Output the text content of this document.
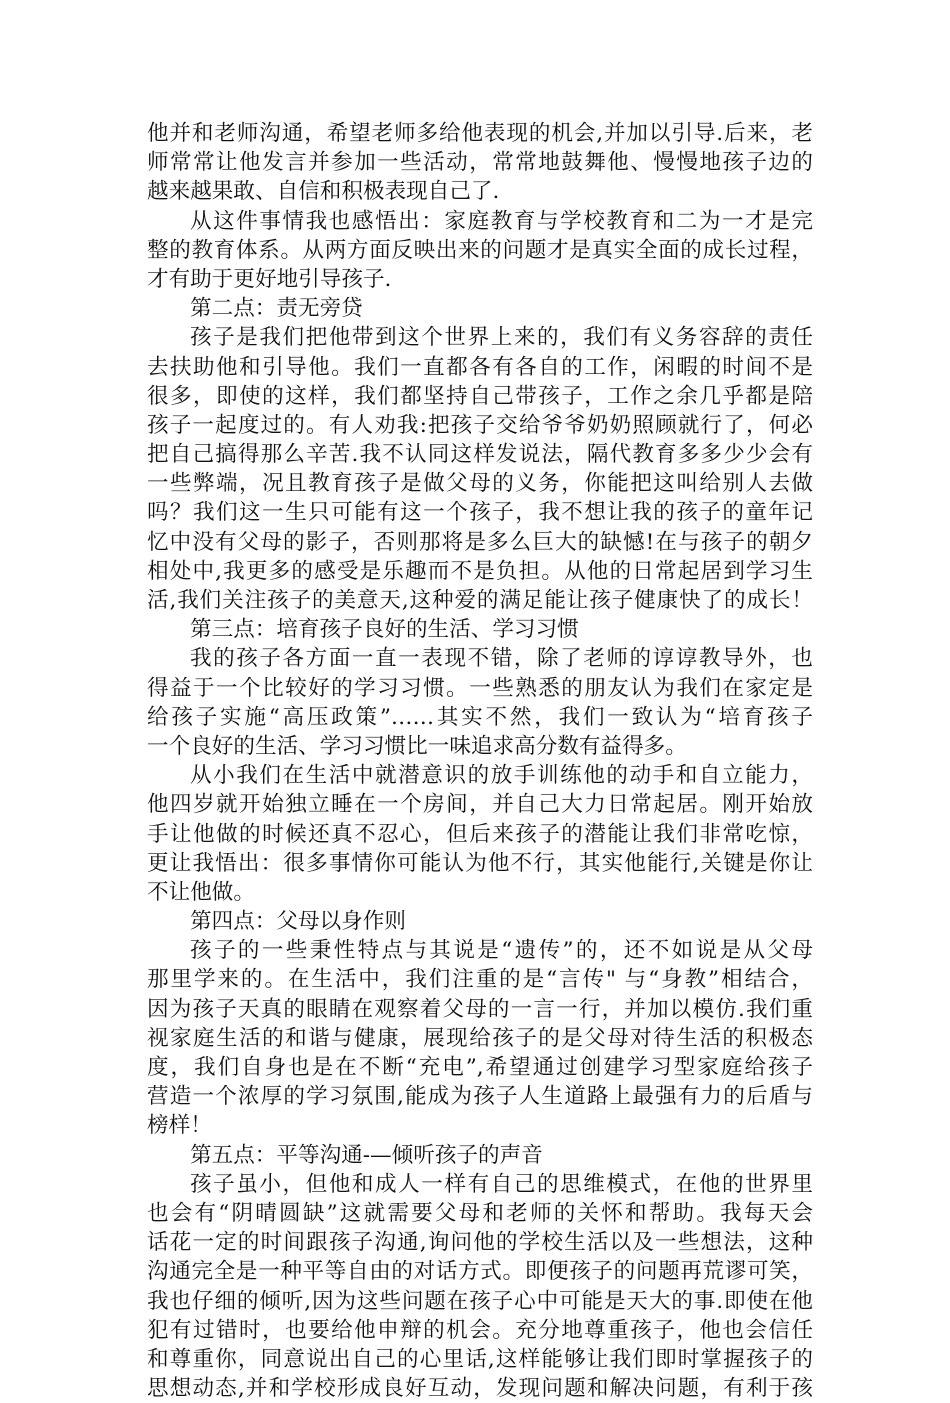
他并和老师沟通，希望老师多给他表现的机会,并加以引导.后来，老
师常常让他发言并参加一些活动，常常地鼓舞他、慢慢地孩子边的
越来越果敢、自信和积极表现自己了.
从这件事情我也感悟出：家庭教育与学校教育和二为一才是完
整的教育体系。从两方面反映出来的问题才是真实全面的成长过程，
才有助于更好地引导孩子.
第二点：责无旁贷
孩子是我们把他带到这个世界上来的，我们有义务容辞的责任
去扶助他和引导他。我们一直都各有各自的工作，闲暇的时间不是
很多，即使的这样，我们都坚持自己带孩子，工作之余几乎都是陪
孩子一起度过的。有人劝我:把孩子交给爷爷奶奶照顾就行了，何必
把自己搞得那么辛苦.我不认同这样发说法，隔代教育多多少少会有
一些弊端，况且教育孩子是做父母的义务，你能把这叫给别人去做
吗？我们这一生只可能有这一个孩子，我不想让我的孩子的童年记
忆中没有父母的影子，否则那将是多么巨大的缺憾!在与孩子的朝夕
相处中,我更多的感受是乐趣而不是负担。从他的日常起居到学习生
活,我们关注孩子的美意天,这种爱的满足能让孩子健康快了的成长！
第三点：培育孩子良好的生活、学习习惯
我的孩子各方面一直一表现不错，除了老师的谆谆教导外，也
得益于一个比较好的学习习惯。一些熟悉的朋友认为我们在家定是
给孩子实施“高压政策”……其实不然，我们一致认为“培育孩子
一个良好的生活、学习习惯比一味追求高分数有益得多。
从小我们在生活中就潜意识的放手训练他的动手和自立能力，
他四岁就开始独立睡在一个房间，并自己大力日常起居。刚开始放
手让他做的时候还真不忍心，但后来孩子的潜能让我们非常吃惊，
更让我悟出：很多事情你可能认为他不行，其实他能行,关键是你让
不让他做。
第四点：父母以身作则
孩子的一些秉性特点与其说是“遗传”的，还不如说是从父母
那里学来的。在生活中，我们注重的是“言传" 与“身教”相结合，
因为孩子天真的眼睛在观察着父母的一言一行，并加以模仿.我们重
视家庭生活的和谐与健康，展现给孩子的是父母对待生活的积极态
度，我们自身也是在不断“充电”,希望通过创建学习型家庭给孩子
营造一个浓厚的学习氛围,能成为孩子人生道路上最强有力的后盾与
榜样！
第五点：平等沟通-—倾听孩子的声音
孩子虽小，但他和成人一样有自己的思维模式，在他的世界里
也会有“阴晴圆缺”这就需要父母和老师的关怀和帮助。我每天会
话花一定的时间跟孩子沟通,询问他的学校生活以及一些想法，这种
沟通完全是一种平等自由的对话方式。即便孩子的问题再荒谬可笑，
我也仔细的倾听,因为这些问题在孩子心中可能是天大的事.即使在他
犯有过错时，也要给他申辩的机会。充分地尊重孩子，他也会信任
和尊重你，同意说出自己的心里话,这样能够让我们即时掌握孩子的
思想动态,并和学校形成良好互动，发现问题和解决问题，有利于孩
